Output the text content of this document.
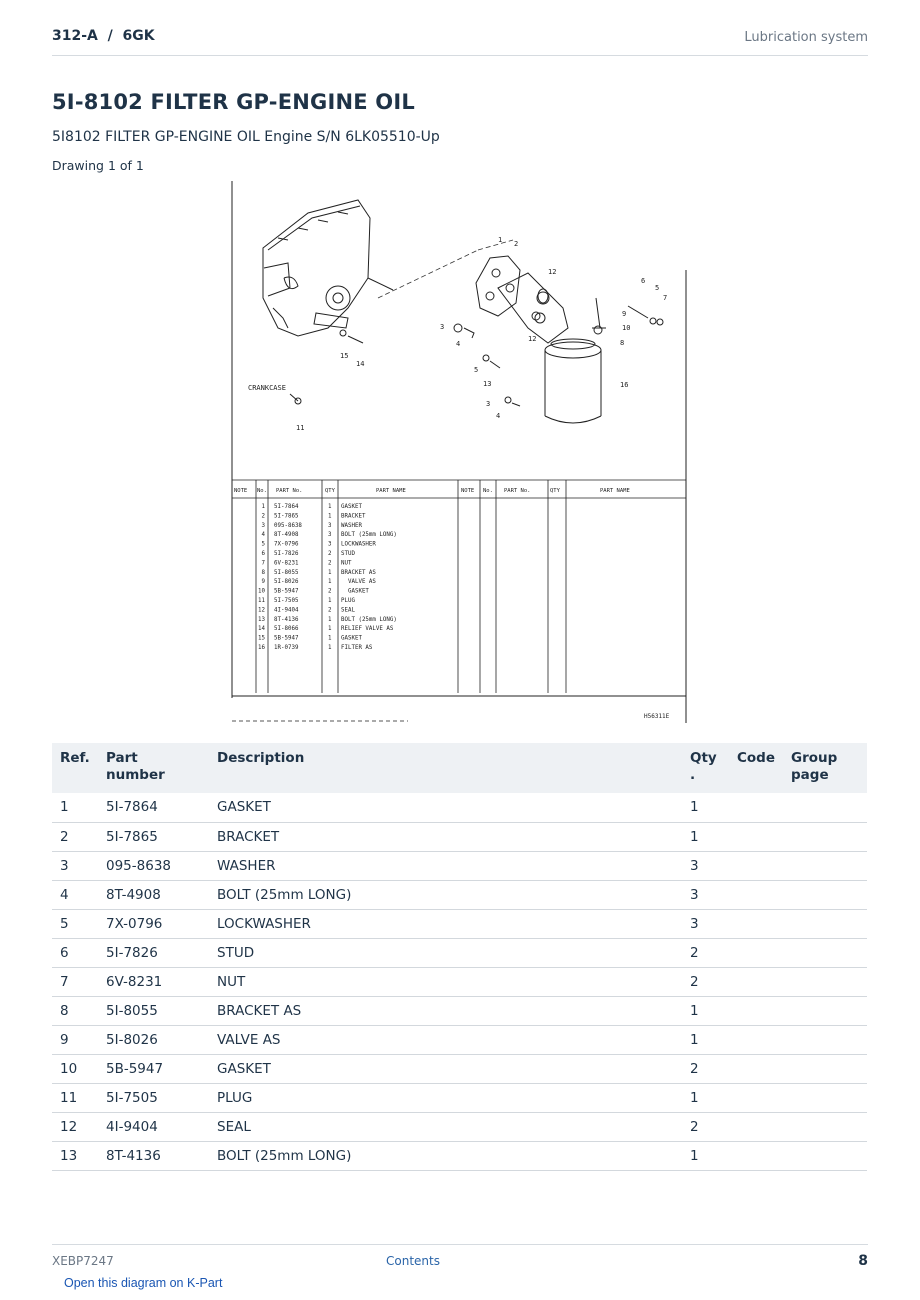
312-A  /  6GK	Lubrication system
5I-8102 FILTER GP-ENGINE OIL
5I8102 FILTER GP-ENGINE OIL Engine S/N 6LK05510-Up
Drawing 1 of 1
1 2
12
6
5
7
9
10
8
3
4
12
15
14
5
13	16
3
4
11
CRANKCASE
NOTE No. PART No.	QTY	PART NAME	NOTE No. PART No.	QTY	PART NAME
1 5I-7864	1 GASKET
2 5I-7865	1 BRACKET
3 095-8638	3 WASHER
4 8T-4908	3 BOLT (25mm LONG)
5 7X-0796	3 LOCKWASHER
6 5I-7826	2 STUD
7 6V-8231	2 NUT
8 5I-8055	1 BRACKET AS
9 5I-8026	1 VALVE AS
10 5B-5947	2 GASKET
11 5I-7505	1 PLUG
12 4I-9404	2 SEAL
13 8T-4136	1 BOLT (25mm LONG)
14 5I-8066	1 RELIEF VALVE AS
15 5B-5947	1 GASKET
16 1R-0739	1 FILTER AS
H56311E
Ref.	Part number	Description	Qty
.	Code	Group
page
1	5I-7864	GASKET	1		
2	5I-7865	BRACKET	1		
3	095-8638	WASHER	3		
4	8T-4908	BOLT (25mm LONG)	3		
5	7X-0796	LOCKWASHER	3		
6	5I-7826	STUD	2		
7	6V-8231	NUT	2		
8	5I-8055	BRACKET AS	1		
9	5I-8026	VALVE AS	1		
10	5B-5947	GASKET	2		
11	5I-7505	PLUG	1		
12	4I-9404	SEAL	2		
13	8T-4136	BOLT (25mm LONG)	1		
XEBP7247	Contents	8
Open this diagram on K-Part
